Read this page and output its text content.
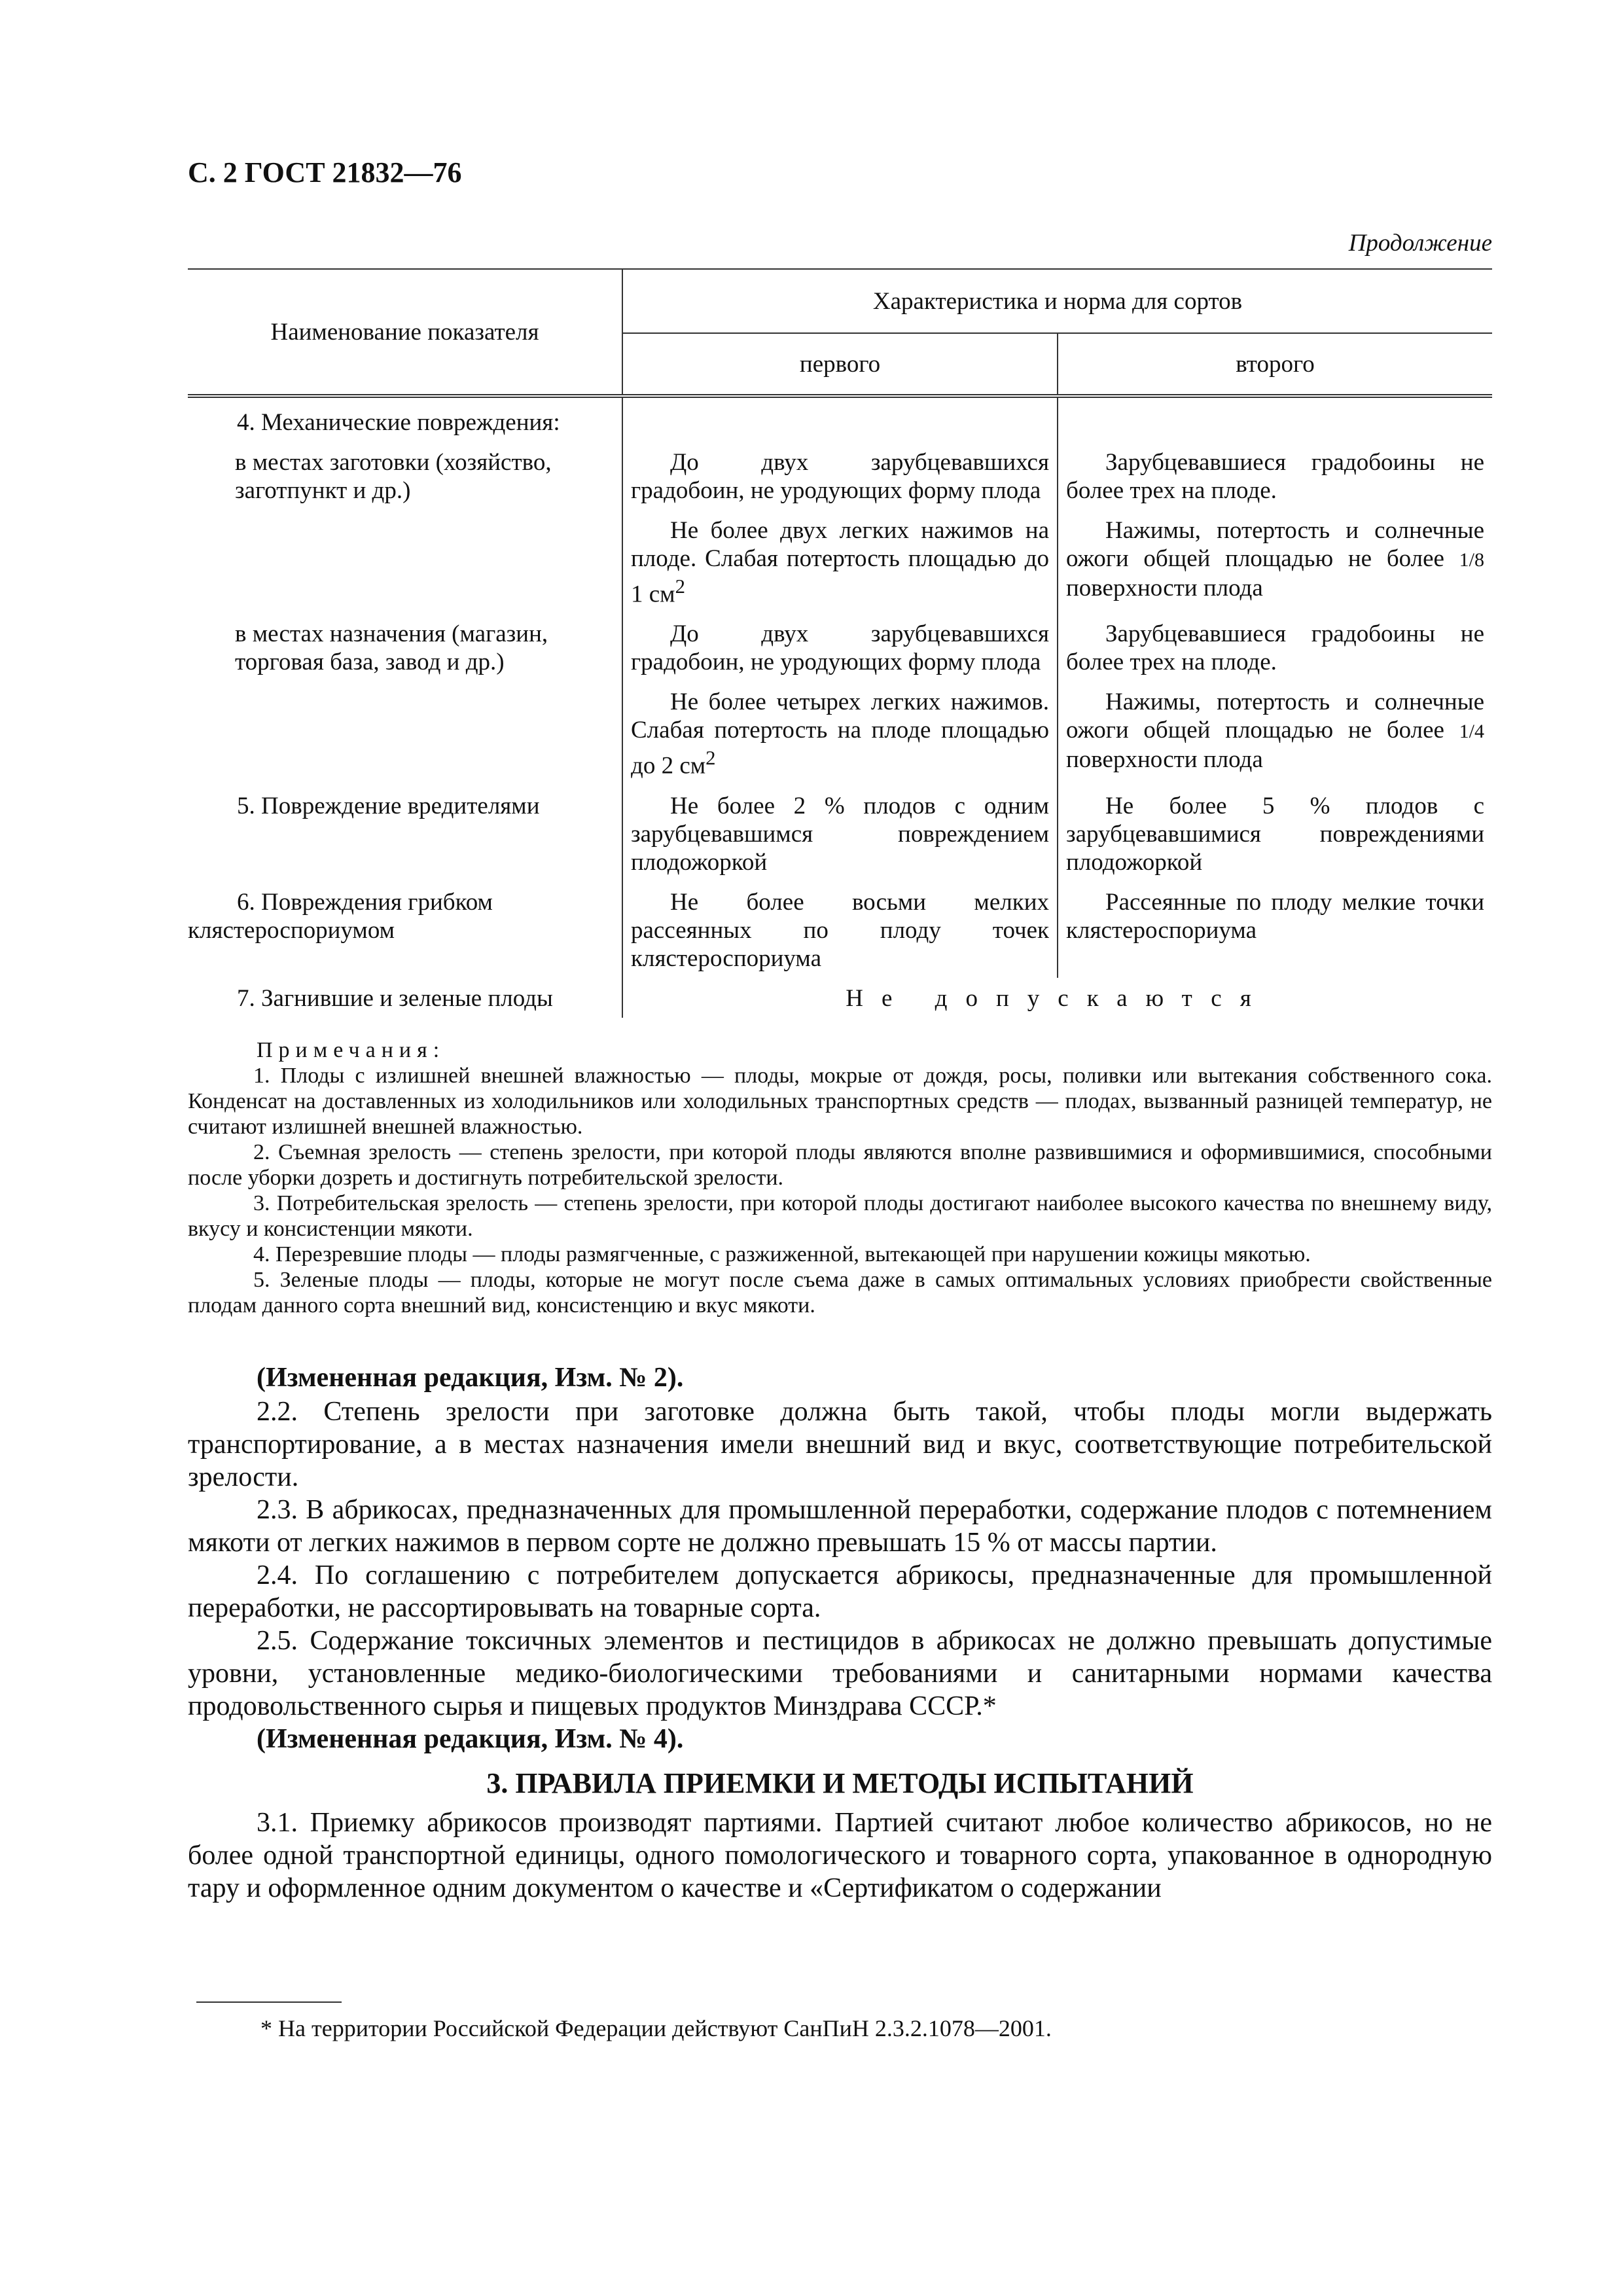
С. 2 ГОСТ 21832—76
Продолжение
Наименование показателя	Характеристика и норма для сортов	
	первого	второго
4. Механические повреждения:		
в местах заготовки (хозяйство, заготпункт и др.)	До двух зарубцевавшихся градобоин, не уродующих форму плода	Зарубцевавшиеся градобоины не более трех на плоде.
	Не более двух легких нажимов на плоде. Слабая потертость площадью до 1 $см^2$	Нажимы, потертость и солнечные ожоги общей площадью не более 1/8 поверхности плода
в местах назначения (магазин, торговая база, завод и др.)	До двух зарубцевавшихся градобоин, не уродующих форму плода	Зарубцевавшиеся градобоины не более трех на плоде.
	Не более четырех легких нажимов. Слабая потертость на плоде площадью до 2 $см^2$	Нажимы, потертость и солнечные ожоги общей площадью не более 1/4 поверхности плода
5. Повреждение вредителями	Не более 2 % плодов с одним зарубцевавшимся повреждением плодожоркой	Не более 5 % плодов с зарубцевавшимися повреждениями плодожоркой
6. Повреждения грибком клястероспориумом	Не более восьми мелких рассеянных по плоду точек клястероспориума	Рассеянные по плоду мелкие точки клястероспориума
7. Загнившие и зеленые плоды	Не допускаются	
Примечания:

1. Плоды с излишней внешней влажностью — плоды, мокрые от дождя, росы, поливки или вытекания собственного сока. Конденсат на доставленных из холодильников или холодильных транспортных средств — плодах, вызванный разницей температур, не считают излишней внешней влажностью.

2. Съемная зрелость — степень зрелости, при которой плоды являются вполне развившимися и оформившимися, способными после уборки дозреть и достигнуть потребительской зрелости.

3. Потребительская зрелость — степень зрелости, при которой плоды достигают наиболее высокого качества по внешнему виду, вкусу и консистенции мякоти.

4. Перезревшие плоды — плоды размягченные, с разжиженной, вытекающей при нарушении кожицы мякотью.

5. Зеленые плоды — плоды, которые не могут после съема даже в самых оптимальных условиях приобрести свойственные плодам данного сорта внешний вид, консистенцию и вкус мякоти.

(Измененная редакция, Изм. № 2).

2.2. Степень зрелости при заготовке должна быть такой, чтобы плоды могли выдержать транспортирование, а в местах назначения имели внешний вид и вкус, соответствующие потребительской зрелости.

2.3. В абрикосах, предназначенных для промышленной переработки, содержание плодов с потемнением мякоти от легких нажимов в первом сорте не должно превышать 15 % от массы партии.

2.4. По соглашению с потребителем допускается абрикосы, предназначенные для промышленной переработки, не рассортировывать на товарные сорта.

2.5. Содержание токсичных элементов и пестицидов в абрикосах не должно превышать допустимые уровни, установленные медико-биологическими требованиями и санитарными нормами качества продовольственного сырья и пищевых продуктов Минздрава СССР.*

(Измененная редакция, Изм. № 4).
3. ПРАВИЛА ПРИЕМКИ И МЕТОДЫ ИСПЫТАНИЙ

3.1. Приемку абрикосов производят партиями. Партией считают любое количество абрикосов, но не более одной транспортной единицы, одного помологического и товарного сорта, упакованное в однородную тару и оформленное одним документом о качестве и «Сертификатом о содержании

* На территории Российской Федерации действуют СанПиН 2.3.2.1078—2001.
